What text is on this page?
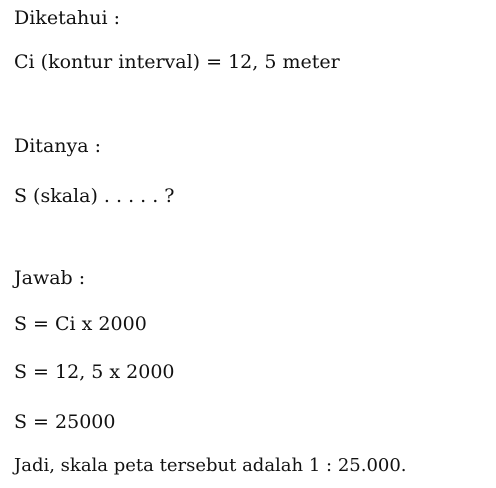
Diketahui :
Ci (kontur interval) = 12, 5 meter
Ditanya :
S (skala) . . . . . ?
Jawab :
S = Ci x 2000
S = 12, 5 x 2000
S = 25000
Jadi, skala peta tersebut adalah 1 : 25.000.
